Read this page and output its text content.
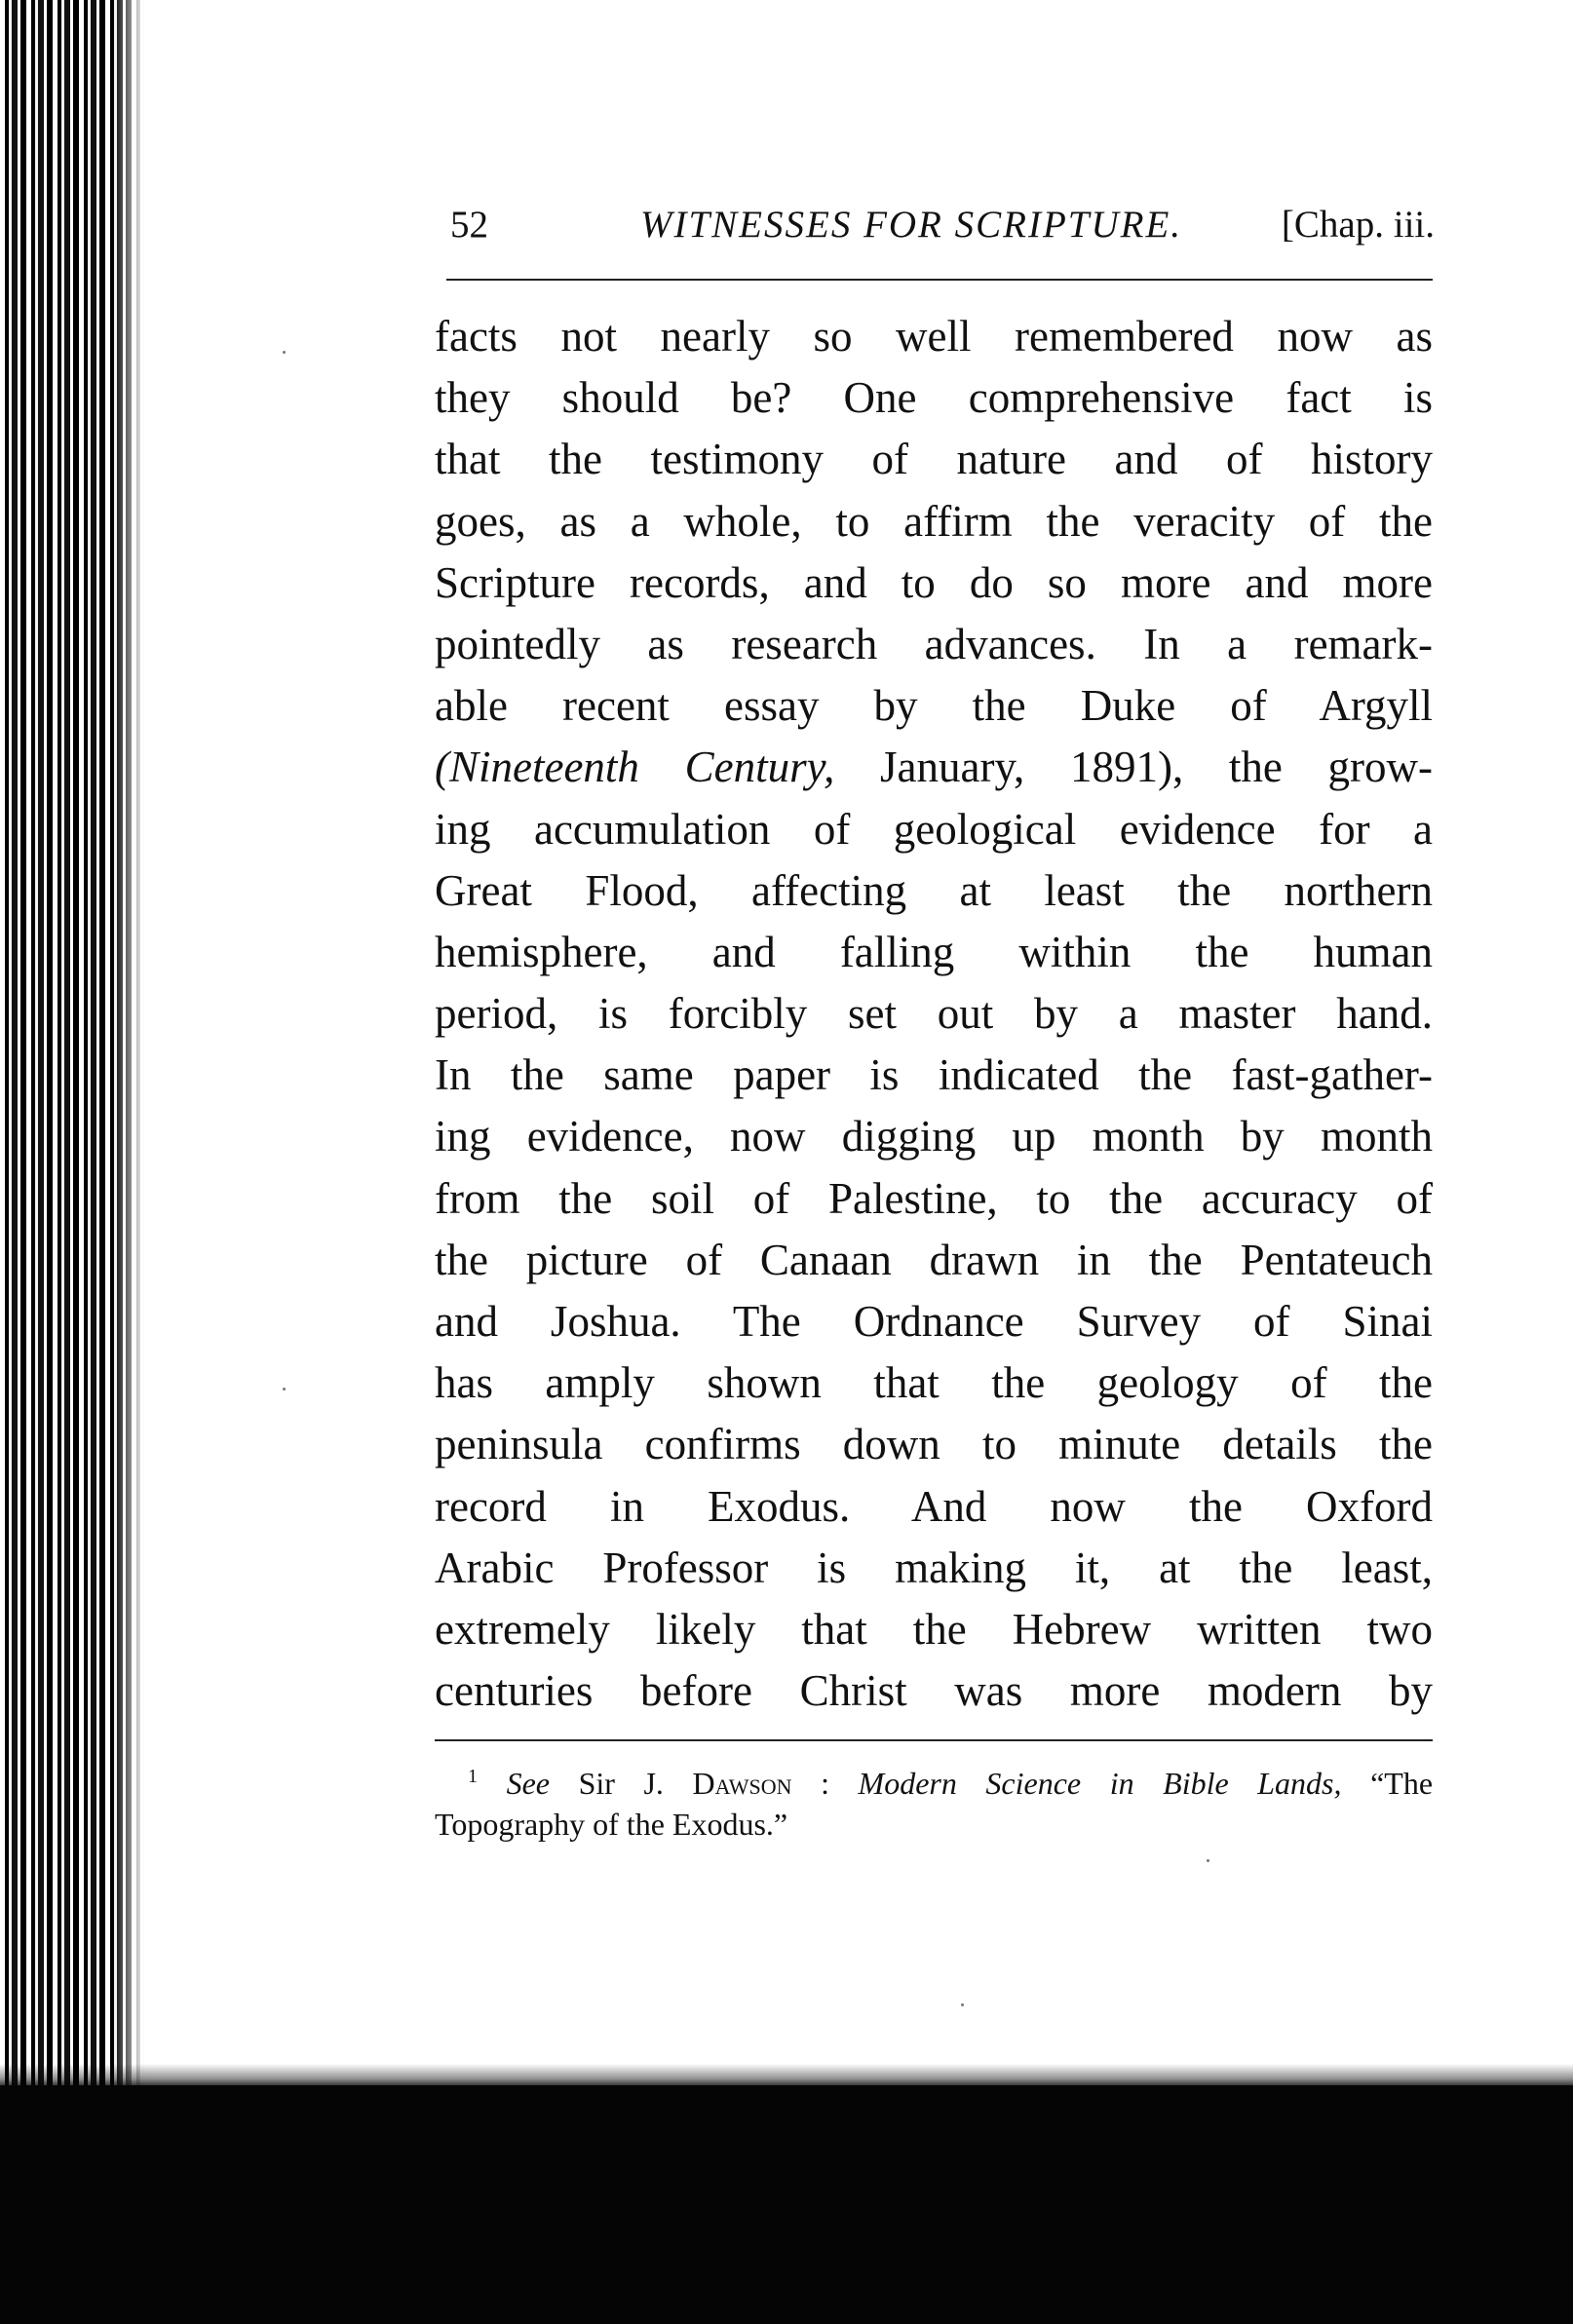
52	WITNESSES FOR SCRIPTURE.	[Chap. iii.
facts not nearly so well remembered now as
they should be? One comprehensive fact is
that the testimony of nature and of history
goes, as a whole, to affirm the veracity of the
Scripture records, and to do so more and more
pointedly as research advances. In a remark-
able recent essay by the Duke of Argyll
(Nineteenth Century, January, 1891), the grow-
ing accumulation of geological evidence for a
Great Flood, affecting at least the northern
hemisphere, and falling within the human
period, is forcibly set out by a master hand.
In the same paper is indicated the fast-gather-
ing evidence, now digging up month by month
from the soil of Palestine, to the accuracy of
the picture of Canaan drawn in the Pentateuch
and Joshua. The Ordnance Survey of Sinai
has amply shown that the geology of the
peninsula confirms down to minute details the
record in Exodus. And now the Oxford
Arabic Professor is making it, at the least,
extremely likely that the Hebrew written two
centuries before Christ was more modern by
$^1$ See Sir J. Dawson : Modern Science in Bible Lands, “The
Topography of the Exodus.”
